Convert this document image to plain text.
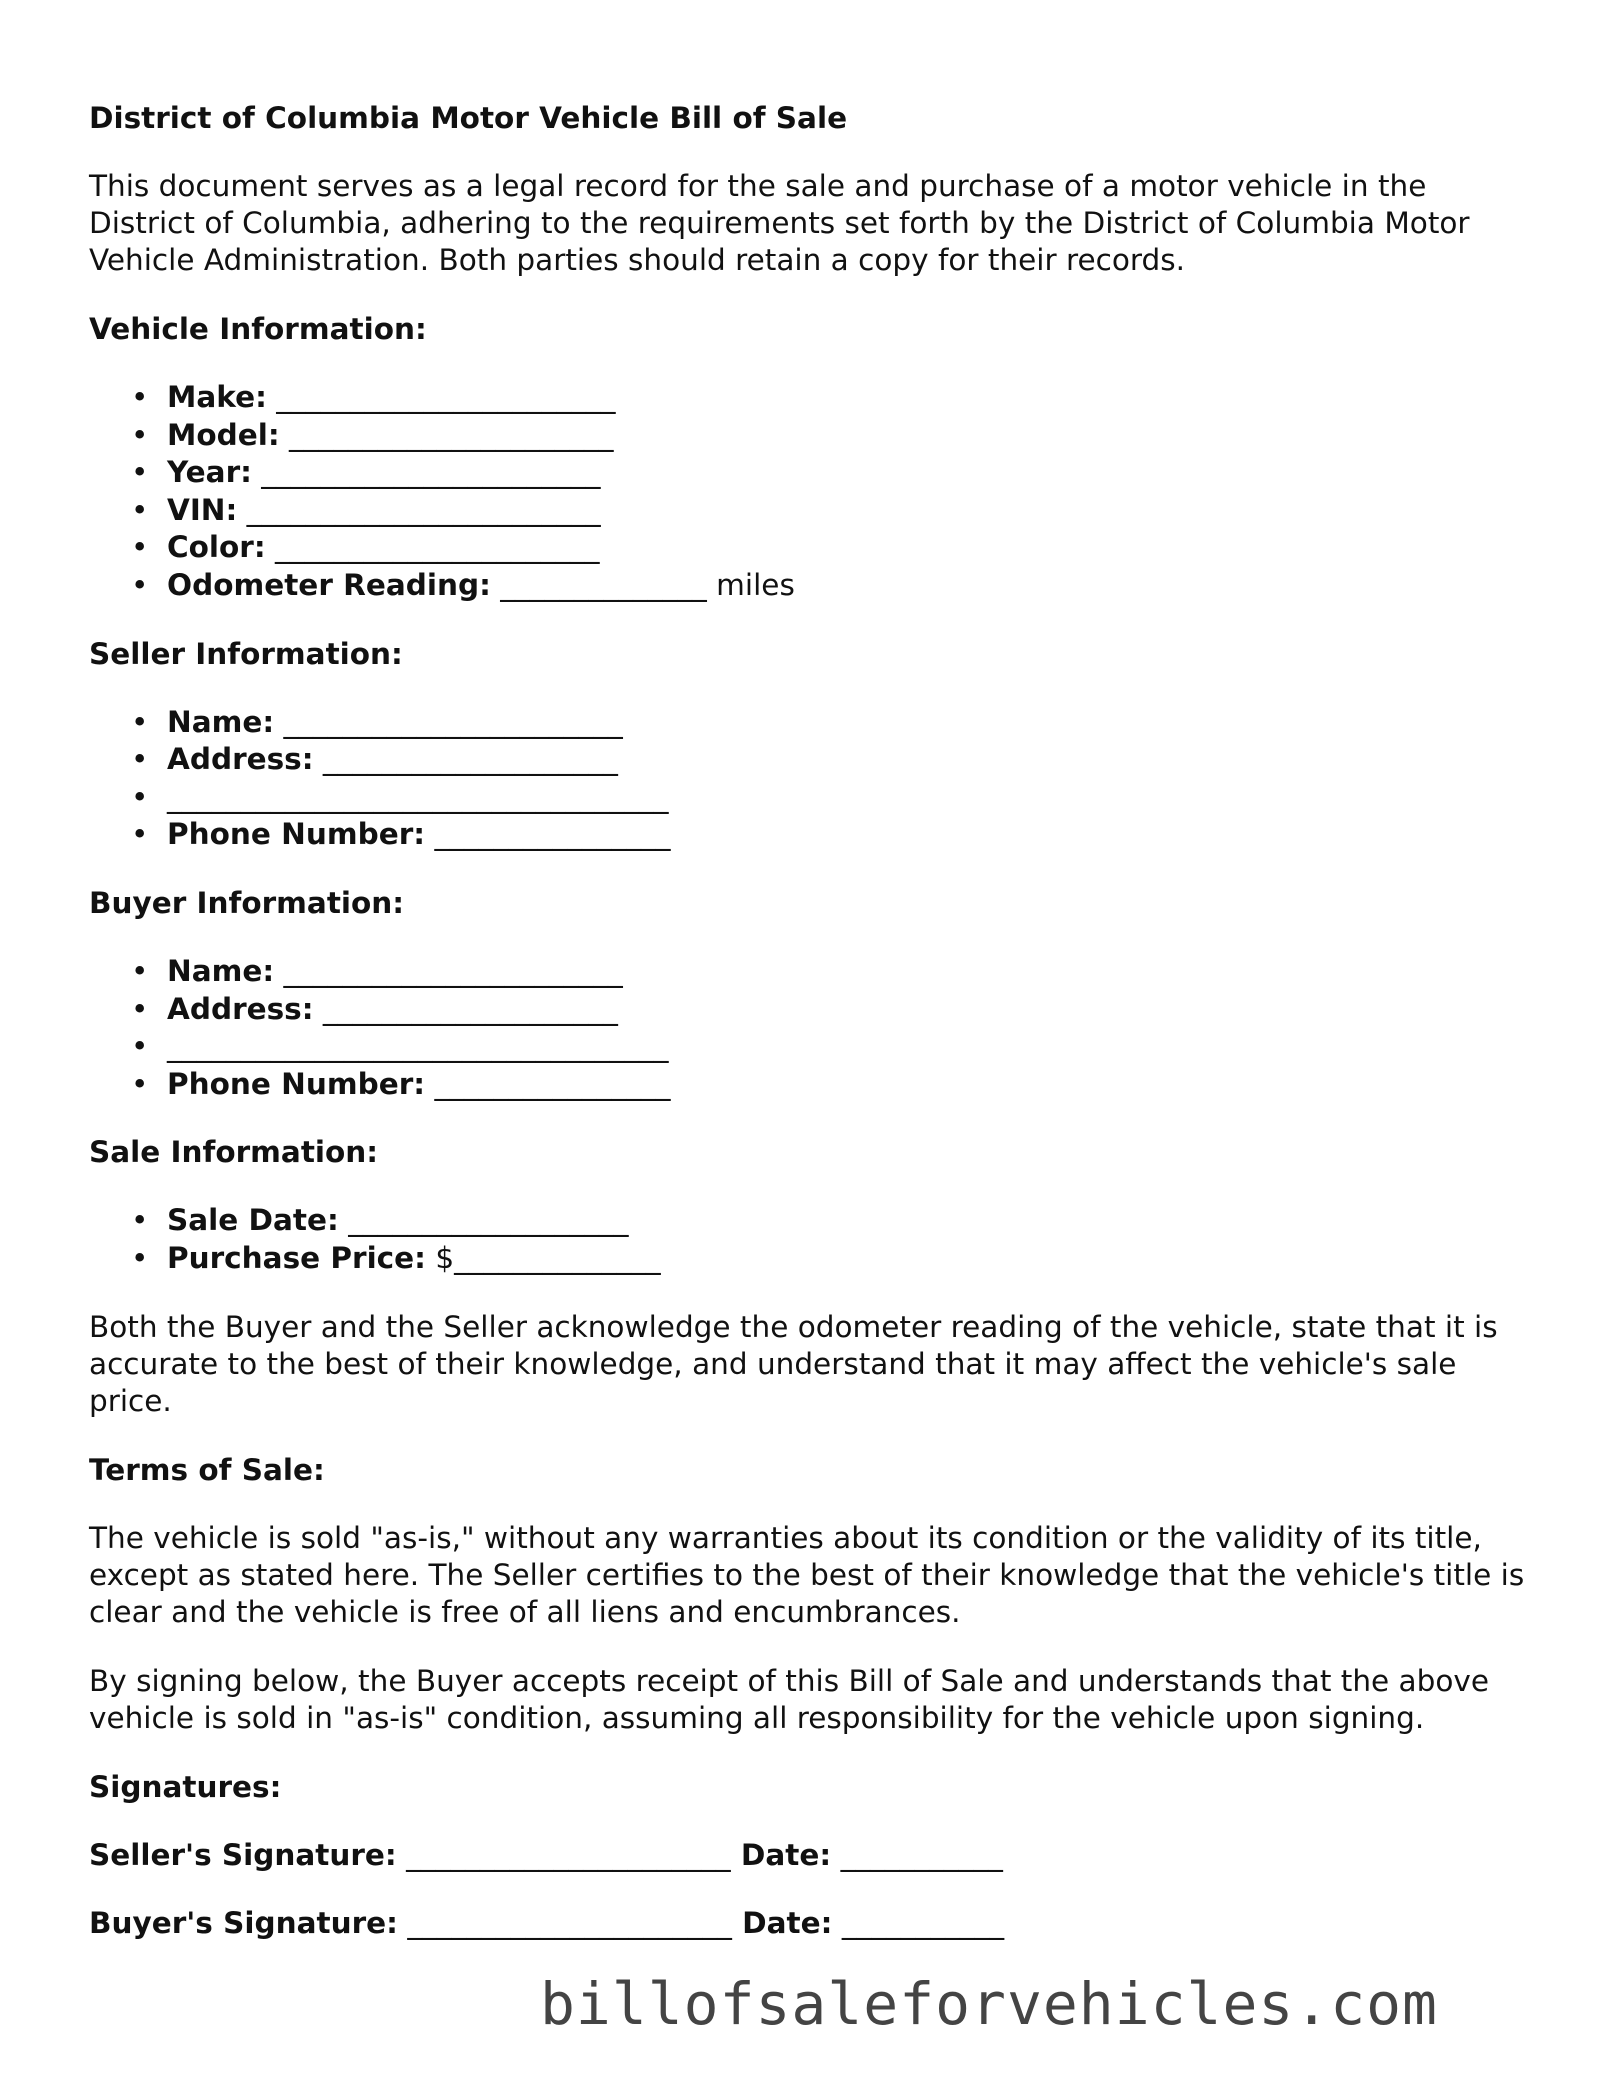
District of Columbia Motor Vehicle Bill of Sale
This document serves as a legal record for the sale and purchase of a motor vehicle in the District of Columbia, adhering to the requirements set forth by the District of Columbia Motor Vehicle Administration. Both parties should retain a copy for their records.
Vehicle Information:
• Make: _______________________
• Model: ______________________
• Year: _______________________
• VIN: ________________________
• Color: ______________________
• Odometer Reading: ______________ miles
Seller Information:
• Name: _______________________
• Address: ____________________
• __________________________________
• Phone Number: ________________
Buyer Information:
• Name: _______________________
• Address: ____________________
• __________________________________
• Phone Number: ________________
Sale Information:
• Sale Date: ___________________
• Purchase Price: $______________
Both the Buyer and the Seller acknowledge the odometer reading of the vehicle, state that it is accurate to the best of their knowledge, and understand that it may affect the vehicle's sale price.
Terms of Sale:
The vehicle is sold "as-is," without any warranties about its condition or the validity of its title, except as stated here. The Seller certifies to the best of their knowledge that the vehicle's title is clear and the vehicle is free of all liens and encumbrances.
By signing below, the Buyer accepts receipt of this Bill of Sale and understands that the above vehicle is sold in "as-is" condition, assuming all responsibility for the vehicle upon signing.
Signatures:
Seller's Signature: ______________________ Date: ___________
Buyer's Signature: ______________________ Date: ___________
billofsaleforvehicles.com
